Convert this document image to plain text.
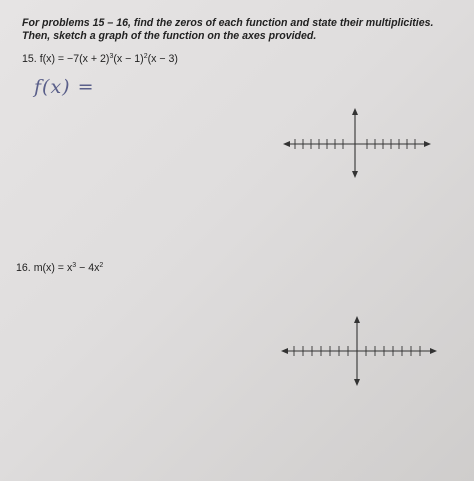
For problems 15 – 16, find the zeros of each function and state their multiplicities. Then, sketch a graph of the function on the axes provided.

15. $f(x) = -7(x + 2)^3(x - 1)^2(x - 3)$
f(x) =
16. $m(x) = x^3 - 4x^2$
